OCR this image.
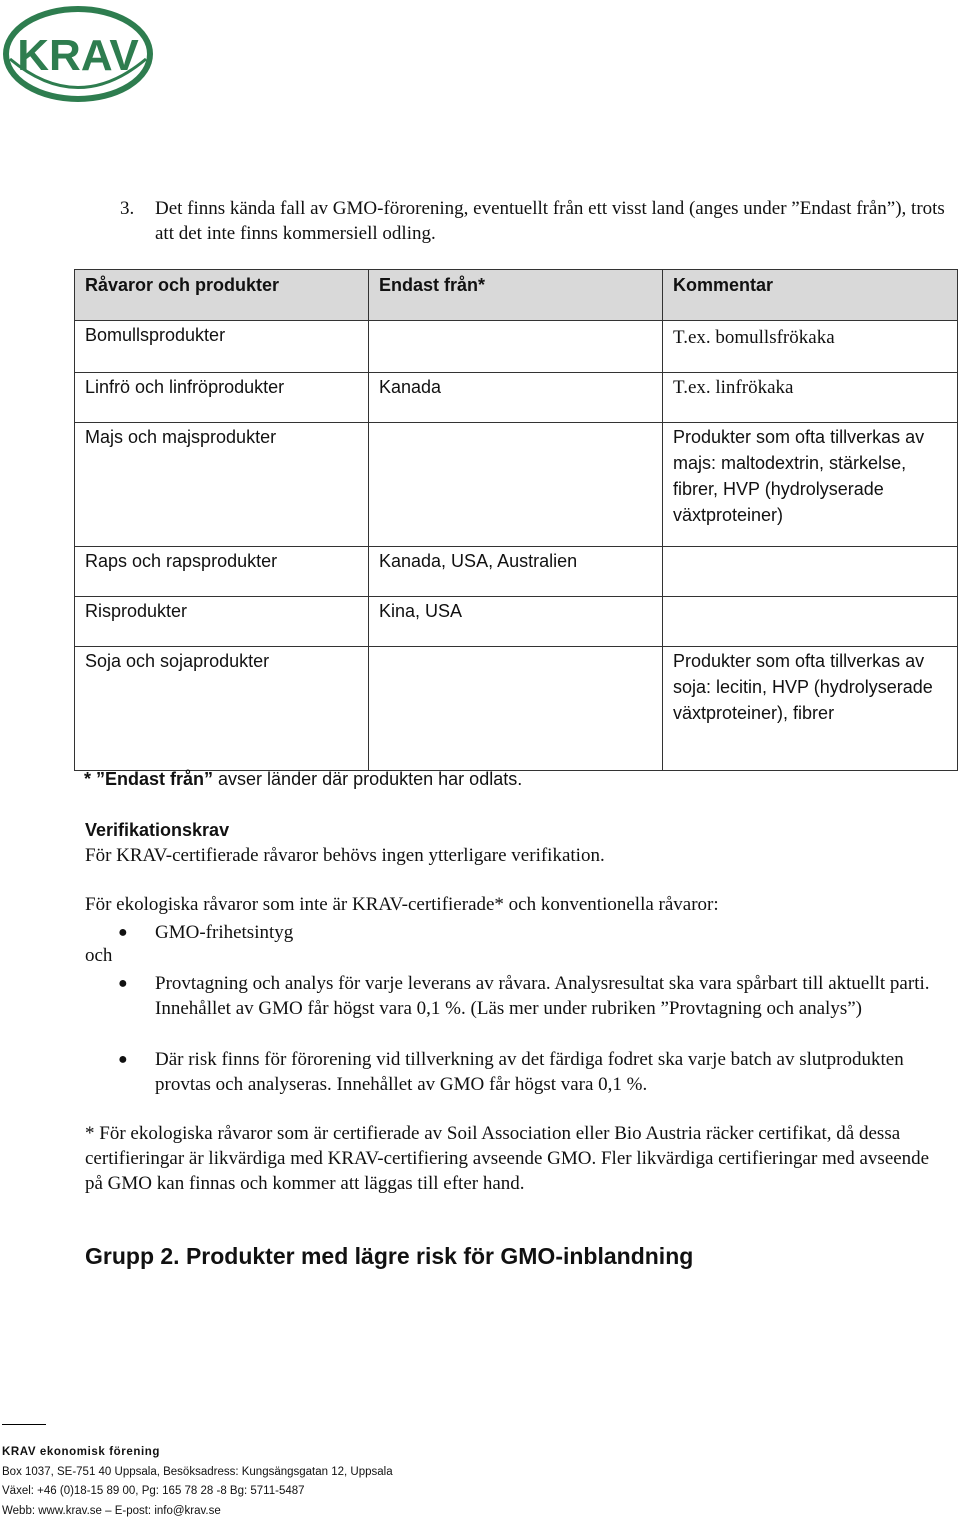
KRAV
3. Det finns kända fall av GMO-förorening, eventuellt från ett visst land (anges under ”Endast från”), trots att det inte finns kommersiell odling.
Råvaror och produkter	Endast från*	Kommentar
Bomullsprodukter		T.ex. bomullsfrökaka
Linfrö och linfröprodukter	Kanada	T.ex. linfrökaka
Majs och majsprodukter		Produkter som ofta tillverkas av majs: maltodextrin, stärkelse, fibrer, HVP (hydrolyserade växtproteiner)
Raps och rapsprodukter	Kanada, USA, Australien	
Risprodukter	Kina, USA	
Soja och sojaprodukter		Produkter som ofta tillverkas av soja: lecitin, HVP (hydrolyserade växtproteiner), fibrer
* ”Endast från” avser länder där produkten har odlats.
Verifikationskrav
För KRAV-certifierade råvaror behövs ingen ytterligare verifikation.
För ekologiska råvaror som inte är KRAV-certifierade* och konventionella råvaror:
● GMO-frihetsintyg
och
● Provtagning och analys för varje leverans av råvara. Analysresultat ska vara spårbart till aktuellt parti. Innehållet av GMO får högst vara 0,1 %. (Läs mer under rubriken ”Provtagning och analys”)
● Där risk finns för förorening vid tillverkning av det färdiga fodret ska varje batch av slutprodukten provtas och analyseras. Innehållet av GMO får högst vara 0,1 %.
* För ekologiska råvaror som är certifierade av Soil Association eller Bio Austria räcker certifikat, då dessa certifieringar är likvärdiga med KRAV-certifiering avseende GMO. Fler likvärdiga certifieringar med avseende på GMO kan finnas och kommer att läggas till efter hand.
Grupp 2. Produkter med lägre risk för GMO-inblandning
KRAV ekonomisk förening
Box 1037, SE-751 40 Uppsala, Besöksadress: Kungsängsgatan 12, Uppsala
Växel: +46 (0)18-15 89 00, Pg: 165 78 28 -8 Bg: 5711-5487
Webb: www.krav.se – E-post: info@krav.se
